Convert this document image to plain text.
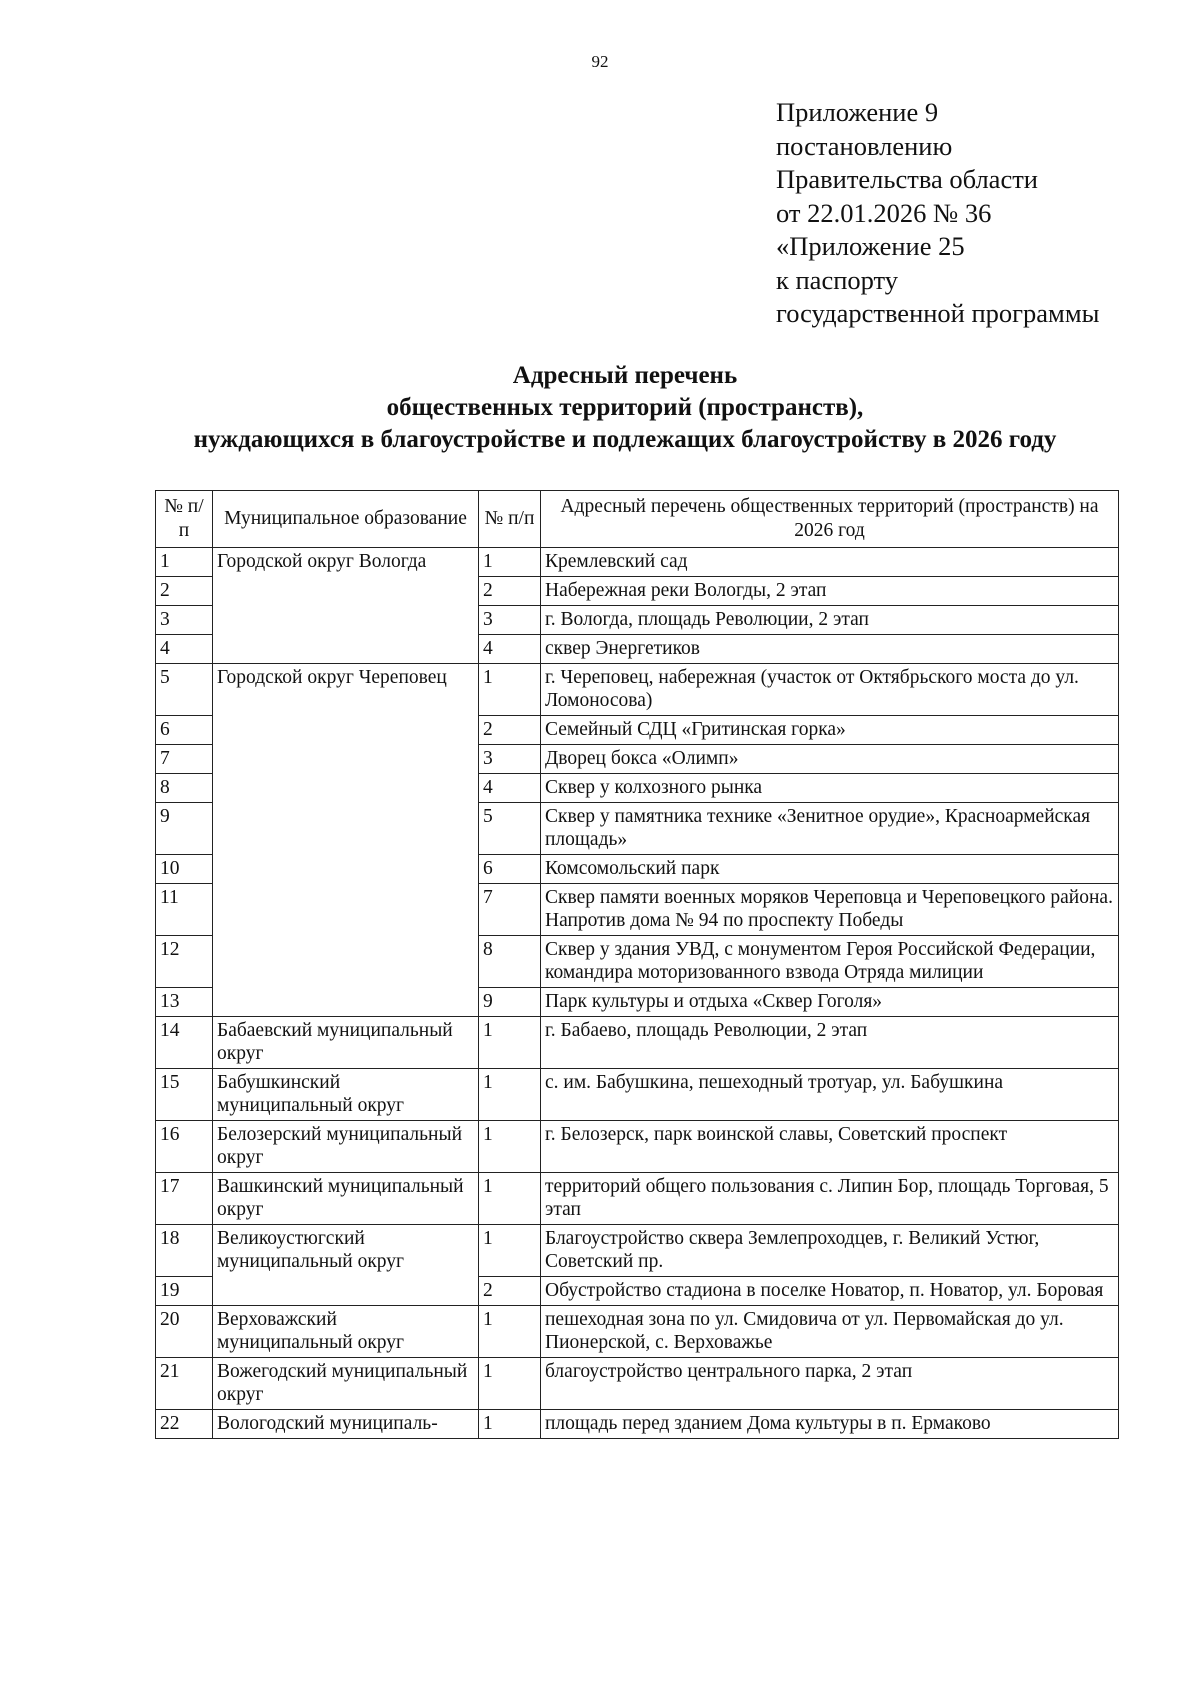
92
Приложение 9
постановлению
Правительства области
от 22.01.2026 № 36
«Приложение 25
к паспорту
государственной программы
Адресный перечень
общественных территорий (пространств),
нуждающихся в благоустройстве и подлежащих благоустройству в 2026 году
№ п/п	Муниципальное образование	№ п/п	Адресный перечень общественных территорий (пространств) на 2026 год
1	Городской округ Вологда	1	Кремлевский сад
2		2	Набережная реки Вологды, 2 этап
3		3	г. Вологда, площадь Революции, 2 этап
4		4	сквер Энергетиков
5	Городской округ Череповец	1	г. Череповец, набережная (участок от Октябрьского моста до ул. Ломоносова)
6		2	Семейный СДЦ «Гритинская горка»
7		3	Дворец бокса «Олимп»
8		4	Сквер у колхозного рынка
9		5	Сквер у памятника технике «Зенитное орудие», Красноармейская площадь»
10		6	Комсомольский парк
11		7	Сквер памяти военных моряков Череповца и Череповецкого района. Напротив дома № 94 по проспекту Победы
12		8	Сквер у здания УВД, с монументом Героя Российской Федерации, командира моторизованного взвода Отряда милиции
13		9	Парк культуры и отдыха «Сквер Гоголя»
14	Бабаевский муниципальный округ	1	г. Бабаево, площадь Революции, 2 этап
15	Бабушкинский муниципальный округ	1	с. им. Бабушкина, пешеходный тротуар, ул. Бабушкина
16	Белозерский муниципальный округ	1	г. Белозерск, парк воинской славы, Советский проспект
17	Вашкинский муниципальный округ	1	территорий общего пользования с. Липин Бор, площадь Торговая, 5 этап
18	Великоустюгский муниципальный округ	1	Благоустройство сквера Землепроходцев, г. Великий Устюг, Советский пр.
19		2	Обустройство стадиона в поселке Новатор, п. Новатор, ул. Боровая
20	Верховажский муниципальный округ	1	пешеходная зона по ул. Смидовича от ул. Первомайская до ул. Пионерской, с. Верховажье
21	Вожегодский муниципальный округ	1	благоустройство центрального парка, 2 этап
22	Вологодский муниципаль-	1	площадь перед зданием Дома культуры в п. Ермаково
